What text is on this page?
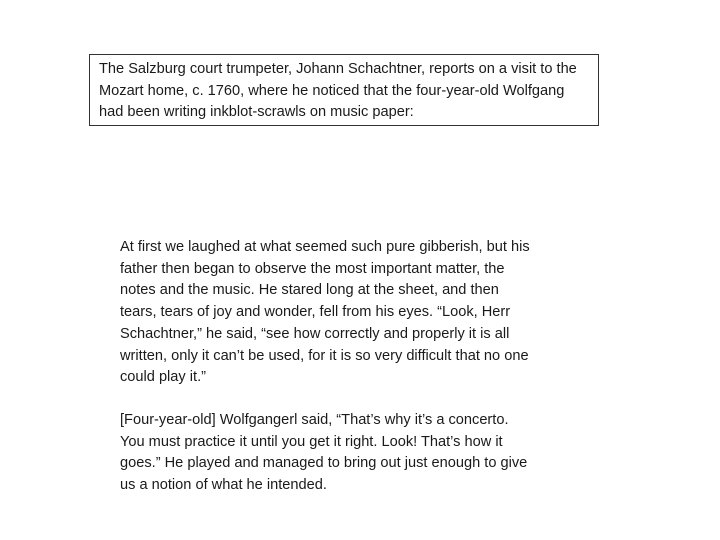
The Salzburg court trumpeter, Johann Schachtner, reports on a visit to the Mozart home, c. 1760, where he noticed that the four-year-old Wolfgang had been writing inkblot-scrawls on music paper:
At first we laughed at what seemed such pure gibberish, but his
father then began to observe the most important matter, the
notes and the music. He stared long at the sheet, and then
tears, tears of joy and wonder, fell from his eyes. “Look, Herr
Schachtner,” he said, “see how correctly and properly it is all
written, only it can’t be used, for it is so very difficult that no one
could play it.”
[Four-year-old] Wolfgangerl said, “That’s why it’s a concerto.
You must practice it until you get it right. Look! That’s how it
goes.” He played and managed to bring out just enough to give
us a notion of what he intended.
